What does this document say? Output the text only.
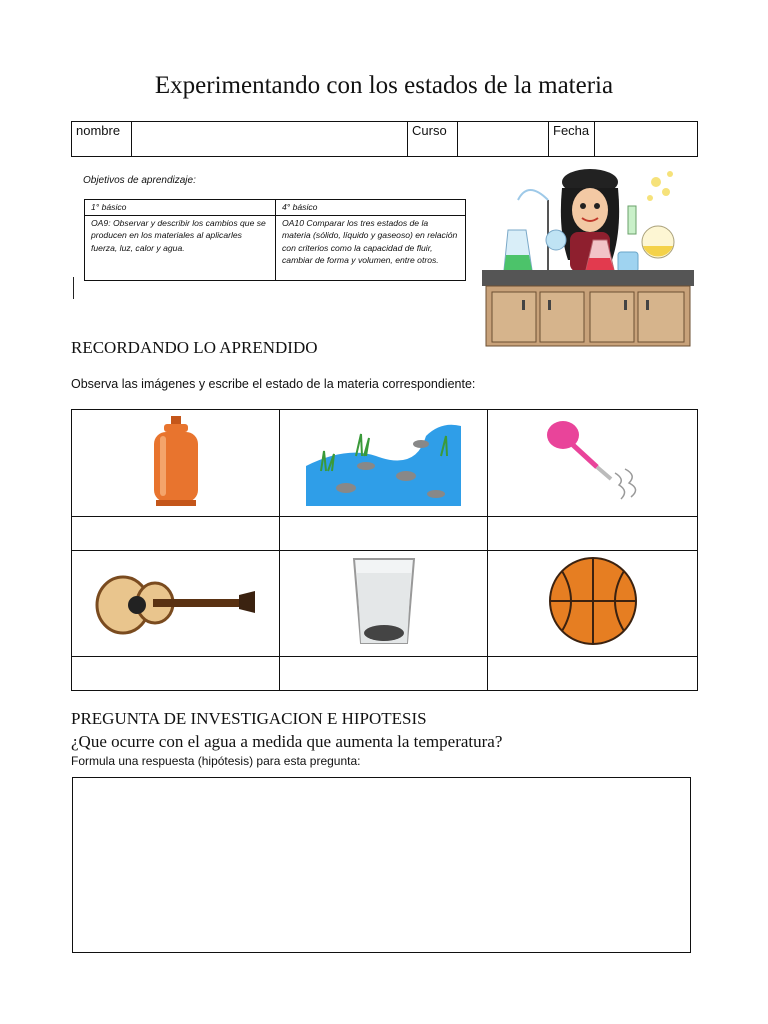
Experimentando con los estados de la materia
nombre		Curso		Fecha	
Objetivos de aprendizaje:
1° básico	4° básico
OA9: Observar y describir los cambios que se producen en los materiales al aplicarles fuerza, luz, calor y agua.	OA10 Comparar los tres estados de la materia (sólido, líquido y gaseoso) en relación con criterios como la capacidad de fluir, cambiar de forma y volumen, entre otros.
RECORDANDO LO APRENDIDO
Observa las imágenes y escribe el estado de la materia correspondiente:

PREGUNTA DE INVESTIGACION E HIPOTESIS
¿Que ocurre con el agua a medida que aumenta la temperatura?
Formula una respuesta (hipótesis) para esta pregunta:
